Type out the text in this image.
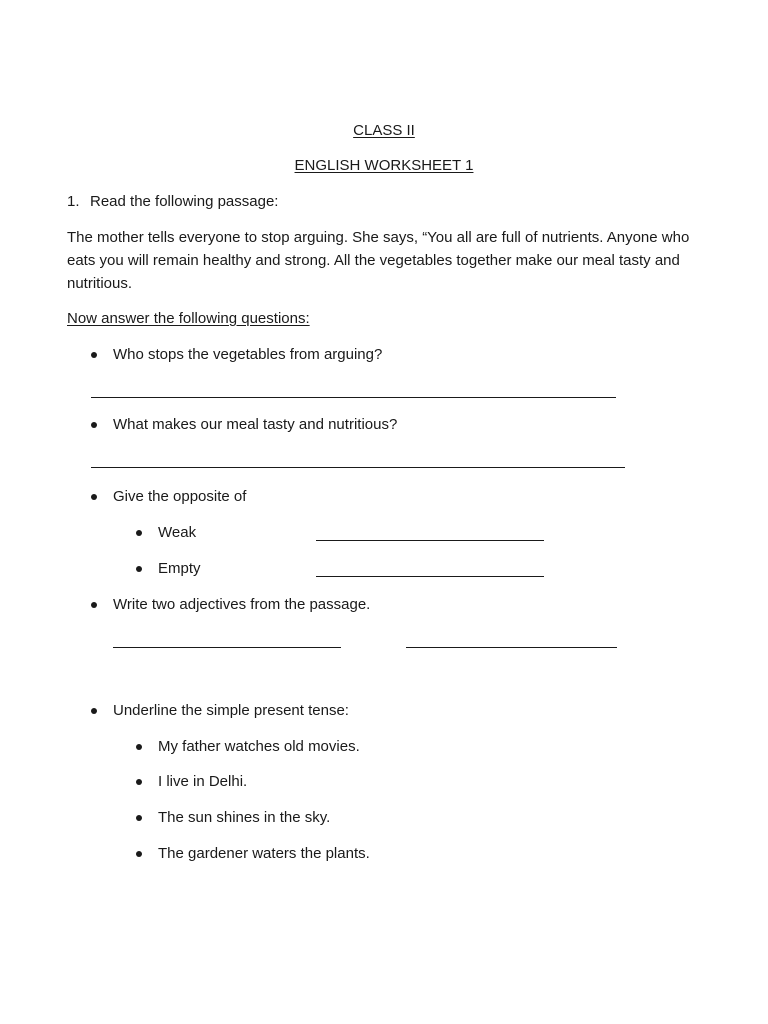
CLASS II
ENGLISH WORKSHEET 1
1. Read the following passage:
The mother tells everyone to stop arguing. She says, “You all are full of nutrients. Anyone who eats you will remain healthy and strong. All the vegetables together make our meal tasty and nutritious.
Now answer the following questions:
Who stops the vegetables from arguing?
What makes our meal tasty and nutritious?
Give the opposite of
Weak
Empty
Write two adjectives from the passage.
Underline the simple present tense:
My father watches old movies.
I live in Delhi.
The sun shines in the sky.
The gardener waters the plants.
